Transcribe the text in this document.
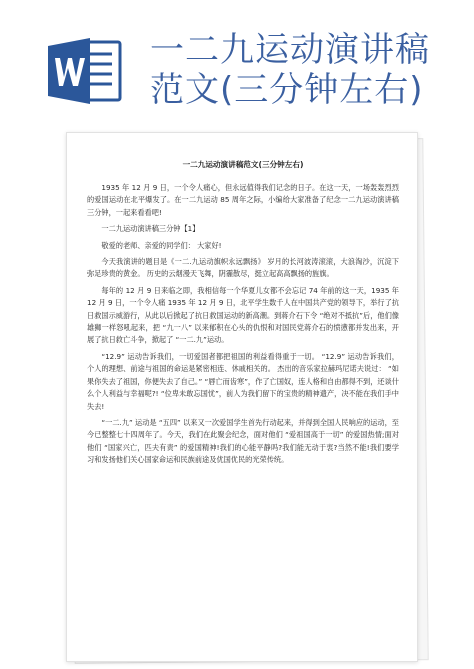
一二九运动演讲稿
范文(三分钟左右)
一二九运动演讲稿范文(三分钟左右)

1935 年 12 月 9 日，一个令人痛心，但永远值得我们记念的日子。在这一天，一场轰轰烈烈的爱国运动在北平爆发了。在一二九运动 85 周年之际，小编给大家准备了纪念一二九运动演讲稿三分钟，一起来看看吧!

一二九运动演讲稿三分钟【1】

敬爱的老师、亲爱的同学们： 大家好!

今天我演讲的题目是《一二.九运动旗帜永远飘扬》 岁月的长河波涛滚滚，大浪淘沙，沉淀下弥足珍贵的黄金。 历史的云烟漫天飞舞，阴霾散尽，挺立起高高飘扬的旌旗。

每年的 12 月 9 日来临之即，我相信每一个华夏儿女都不会忘记 74 年前的这一天，1935 年 12 月 9 日，一个令人痛 1935 年 12 月 9 日，北平学生数千人在中国共产党的领导下，举行了抗日救国示威游行，从此以后掀起了抗日救国运动的新高潮。到蒋介石下令 “绝对不抵抗”后，他们像雄狮一样怒吼起来，把 “九一八” 以来郁积在心头的仇恨和对国民党蒋介石的愤懑都并发出来，开展了抗日救亡斗争，掀起了 “一二.九”运动。

“12.9” 运动告诉我们，一切爱国者都把祖国的利益看得重于一切。 “12.9” 运动告诉我们，个人的理想、前途与祖国的命运是紧密相连、休戚相关的。 杰出的音乐家拉赫玛尼诺夫说过： “如果你失去了祖国，你便失去了自己。” “唇亡而齿寒”，作了亡国奴，连人格和自由都得不到，还谈什么个人利益与幸福呢?! “位卑未敢忘国忧”，前人为我们留下的宝贵的精神遗产，决不能在我们手中失去!

“一二.九” 运动是 “五四” 以来又一次爱国学生首先行动起来，并得到全国人民响应的运动，至今已整整七十四周年了。今天，我们在此聚会纪念，面对他们 “爱祖国高于一切” 的爱国热情;面对他们 “国家兴亡，匹夫有责” 的爱国精神!我们的心能平静吗?我们能无动于衷?当然不能!我们要学习和发扬他们关心国家命运和民族前途及优国优民的光荣传统。
